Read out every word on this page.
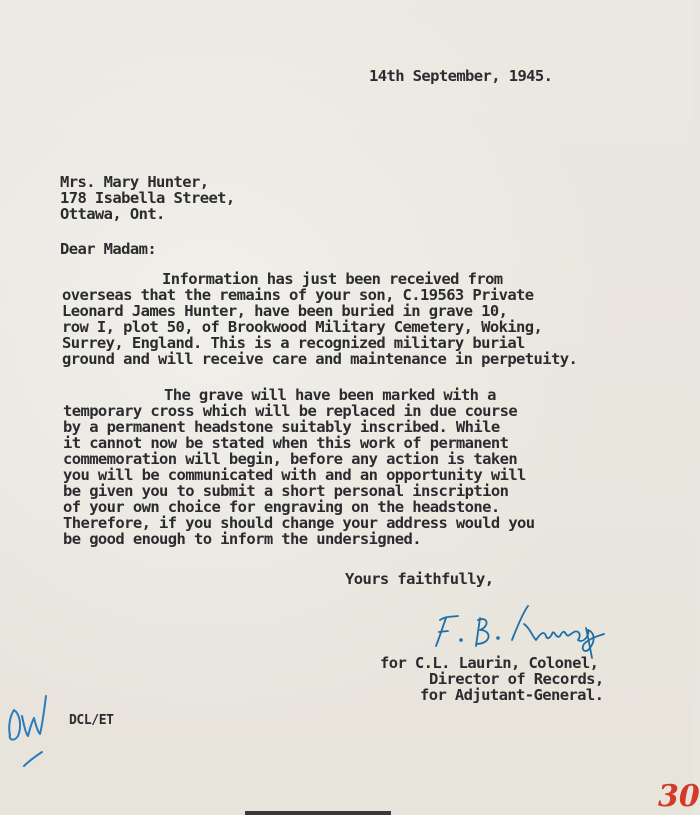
14th September, 1945.
Mrs. Mary Hunter,
178 Isabella Street,
Ottawa, Ont.
Dear Madam:
Information has just been received from
overseas that the remains of your son, C.19563 Private
Leonard James Hunter, have been buried in grave 10,
row I, plot 50, of Brookwood Military Cemetery, Woking,
Surrey, England. This is a recognized military burial
ground and will receive care and maintenance in perpetuity.
The grave will have been marked with a
temporary cross which will be replaced in due course
by a permanent headstone suitably inscribed. While
it cannot now be stated when this work of permanent
commemoration will begin, before any action is taken
you will be communicated with and an opportunity will
be given you to submit a short personal inscription
of your own choice for engraving on the headstone.
Therefore, if you should change your address would you
be good enough to inform the undersigned.
Yours faithfully,
for C.L. Laurin, Colonel,
Director of Records,
for Adjutant-General.
DCL/ET
30
